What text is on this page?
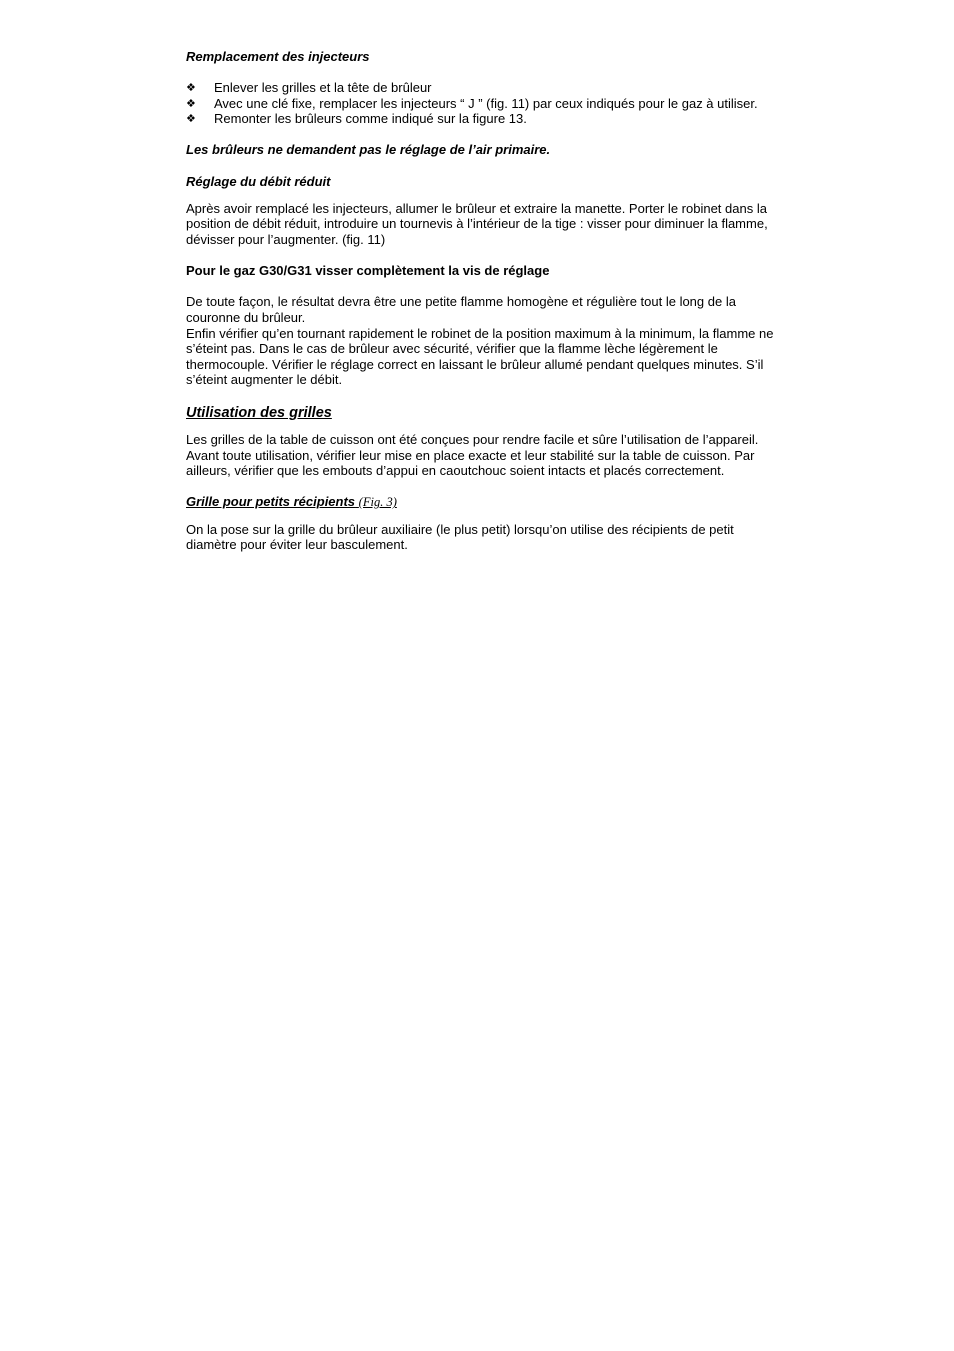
Remplacement des injecteurs

❖ Enlever les grilles et la tête de brûleur
❖ Avec une clé fixe, remplacer les injecteurs “ J ” (fig. 11) par ceux indiqués pour le gaz à utiliser.
❖ Remonter les brûleurs comme indiqué sur la figure 13.

Les brûleurs ne demandent pas le réglage de l’air primaire.

Réglage du débit réduit

Après avoir remplacé les injecteurs, allumer le brûleur et extraire la manette. Porter le robinet dans la position de débit réduit, introduire un tournevis à l’intérieur de la tige : visser pour diminuer la flamme, dévisser pour l’augmenter. (fig. 11)

Pour le gaz G30/G31 visser complètement la vis de réglage

De toute façon, le résultat devra être une petite flamme homogène et régulière tout le long de la couronne du brûleur.

Enfin vérifier qu’en tournant rapidement le robinet de la position maximum à la minimum, la flamme ne s’éteint pas. Dans le cas de brûleur avec sécurité, vérifier que la flamme lèche légèrement le thermocouple. Vérifier le réglage correct en laissant le brûleur allumé pendant quelques minutes. S’il s’éteint augmenter le débit.

Utilisation des grilles

Les grilles de la table de cuisson ont été conçues pour rendre facile et sûre l’utilisation de l’appareil.

Avant toute utilisation, vérifier leur mise en place exacte et leur stabilité sur la table de cuisson. Par ailleurs, vérifier que les embouts d’appui en caoutchouc soient intacts et placés correctement.

Grille pour petits récipients (Fig. 3)

On la pose sur la grille du brûleur auxiliaire (le plus petit) lorsqu’on utilise des récipients de petit diamètre pour éviter leur basculement.
